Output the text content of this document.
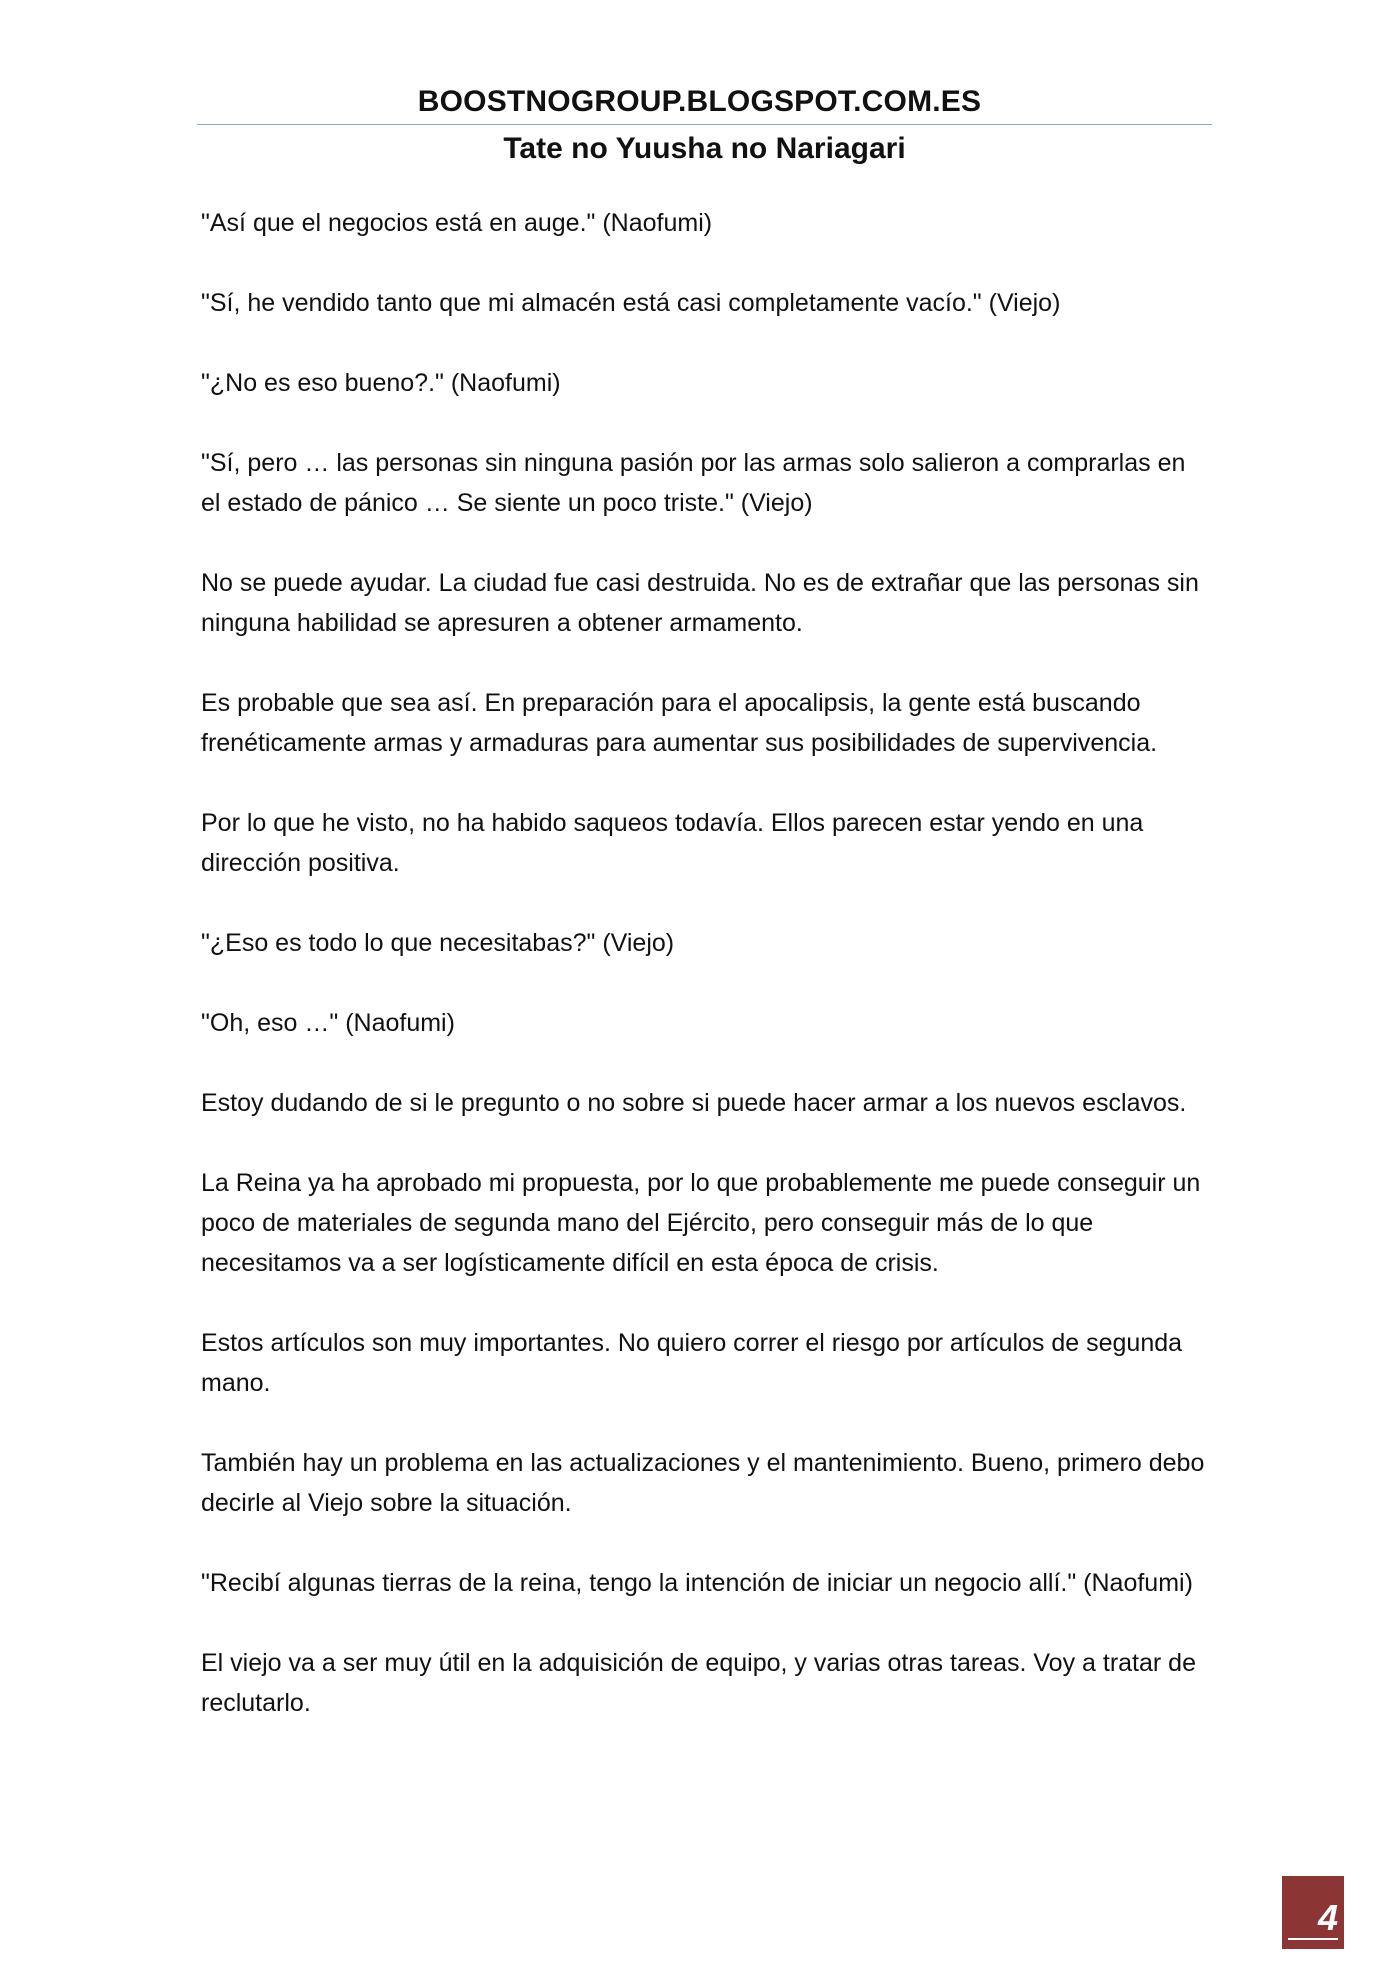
BOOSTNOGROUP.BLOGSPOT.COM.ES
Tate no Yuusha no Nariagari

"Así que el negocios está en auge." (Naofumi)

"Sí, he vendido tanto que mi almacén está casi completamente vacío." (Viejo)

"¿No es eso bueno?." (Naofumi)

"Sí, pero … las personas sin ninguna pasión por las armas solo salieron a comprarlas en el estado de pánico … Se siente un poco triste." (Viejo)

No se puede ayudar. La ciudad fue casi destruida. No es de extrañar que las personas sin ninguna habilidad se apresuren a obtener armamento.

Es probable que sea así. En preparación para el apocalipsis, la gente está buscando frenéticamente armas y armaduras para aumentar sus posibilidades de supervivencia.

Por lo que he visto, no ha habido saqueos todavía. Ellos parecen estar yendo en una dirección positiva.

"¿Eso es todo lo que necesitabas?" (Viejo)

"Oh, eso …" (Naofumi)

Estoy dudando de si le pregunto o no sobre si puede hacer armar a los nuevos esclavos.

La Reina ya ha aprobado mi propuesta, por lo que probablemente me puede conseguir un poco de materiales de segunda mano del Ejército, pero conseguir más de lo que necesitamos va a ser logísticamente difícil en esta época de crisis.

Estos artículos son muy importantes. No quiero correr el riesgo por artículos de segunda mano.

También hay un problema en las actualizaciones y el mantenimiento. Bueno, primero debo decirle al Viejo sobre la situación.

"Recibí algunas tierras de la reina, tengo la intención de iniciar un negocio allí." (Naofumi)

El viejo va a ser muy útil en la adquisición de equipo, y varias otras tareas. Voy a tratar de reclutarlo.

4
